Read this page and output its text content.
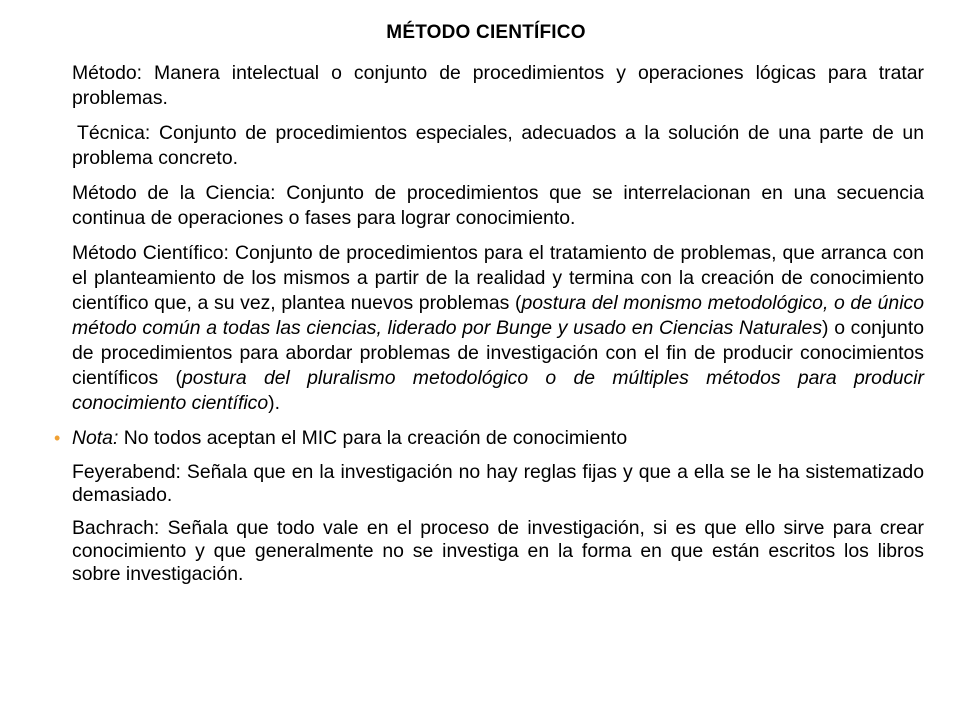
MÉTODO CIENTÍFICO

Método: Manera intelectual o conjunto de procedimientos y operaciones lógicas para tratar problemas.

Técnica: Conjunto de procedimientos especiales, adecuados a la solución de una parte de un problema concreto.

Método de la Ciencia: Conjunto de procedimientos que se interrelacionan en una secuencia continua de operaciones o fases para lograr conocimiento.

Método Científico: Conjunto de procedimientos para el tratamiento de problemas, que arranca con el planteamiento de los mismos a partir de la realidad y termina con la creación de conocimiento científico que, a su vez, plantea nuevos problemas (postura del monismo metodológico, o de único método común a todas las ciencias, liderado por Bunge y usado en Ciencias Naturales) o conjunto de procedimientos para abordar problemas de investigación con el fin de producir conocimientos científicos (postura del pluralismo metodológico o de múltiples métodos para producir conocimiento científico).

• Nota: No todos aceptan el MIC para la creación de conocimiento

Feyerabend: Señala que en la investigación no hay reglas fijas y que a ella se le ha sistematizado demasiado.

Bachrach: Señala que todo vale en el proceso de investigación, si es que ello sirve para crear conocimiento y que generalmente no se investiga en la forma en que están escritos los libros sobre investigación.
